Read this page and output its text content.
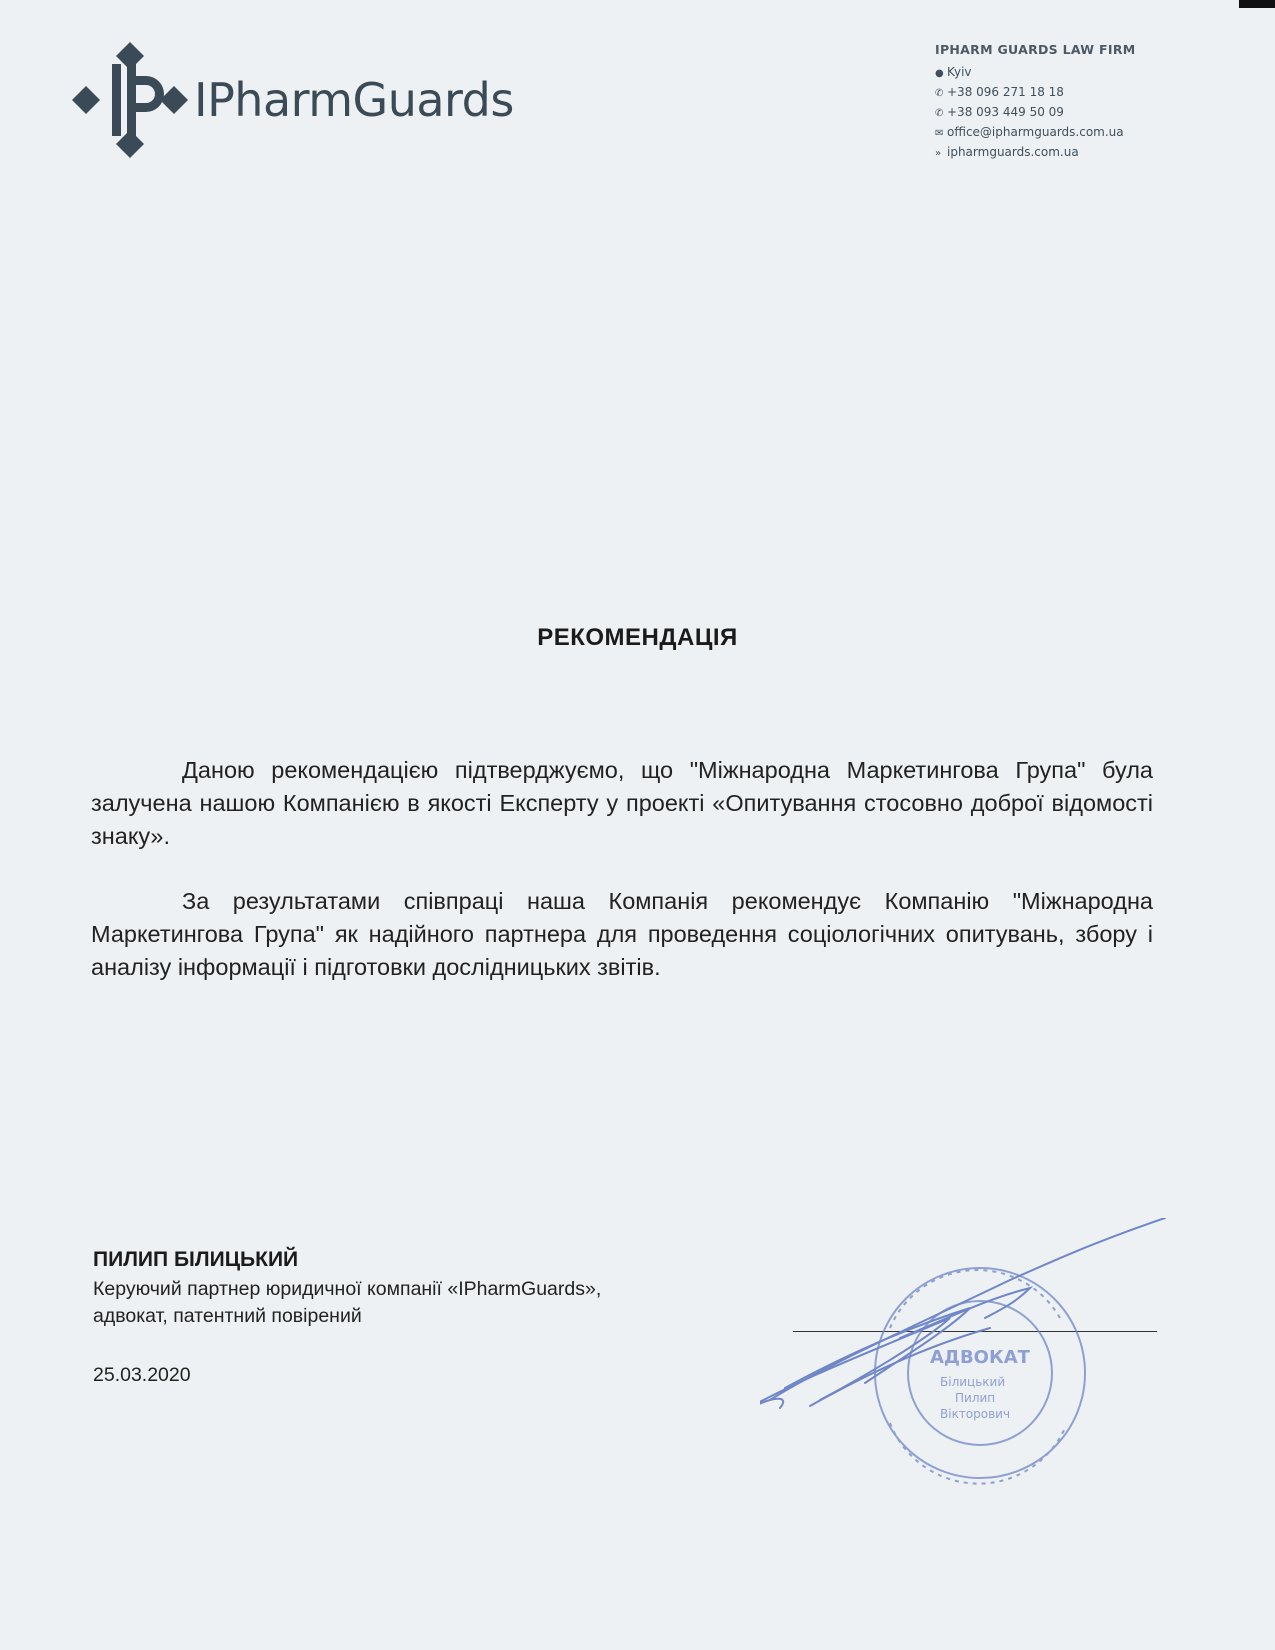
IPharmGuards
IPHARM GUARDS LAW FIRM
● Kyiv
✆ +38 096 271 18 18
✆ +38 093 449 50 09
✉ office@ipharmguards.com.ua
» ipharmguards.com.ua
РЕКОМЕНДАЦІЯ
Даною рекомендацією підтверджуємо, що "Міжнародна Маркетингова Група" була залучена нашою Компанією в якості Експерту у проекті «Опитування стосовно доброї відомості знаку».
За результатами співпраці наша Компанія рекомендує Компанію "Міжнародна Маркетингова Група" як надійного партнера для проведення соціологічних опитувань, збору і аналізу інформації і підготовки дослідницьких звітів.
ПИЛИП БІЛИЦЬКИЙ
Керуючий партнер юридичної компанії «IPharmGuards»,
адвокат, патентний повірений
25.03.2020
АДВОКАТ
Білицький
Пилип
Вікторович
